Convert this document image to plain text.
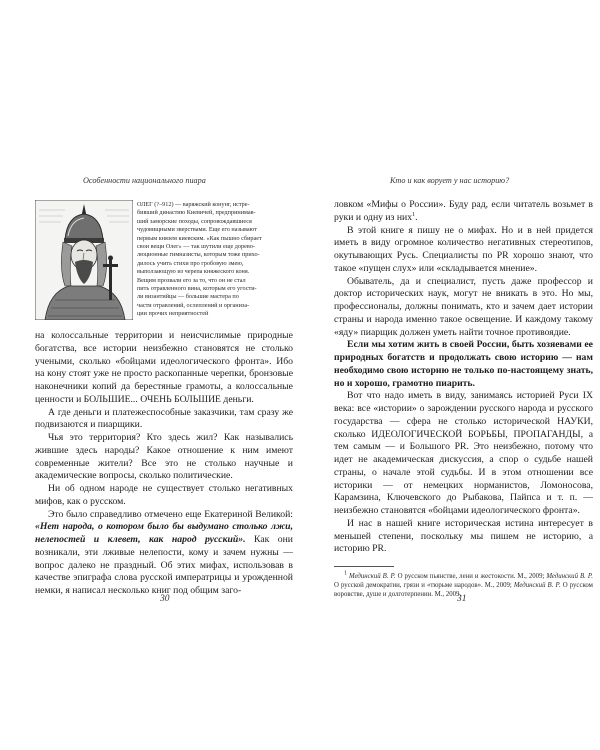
Особенности национального пиара	Кто и как ворует у нас историю?
ОЛЕГ (?–912) — варяжский конунг, истре-
бивший династию Киевичей, предпринимав-
ший заморские походы, сопровождавшиеся
чудовищными зверствами. Еще его называют
первым князем киевским. «Как пышно сбирает
свои вещи Олег» — так шутили еще дорево-
люционные гимназисты, которым тоже прихо-
дилось учить стихи про гробовую змею,
выползающую из черепа княжеского коня.
Вещим прозвали его за то, что он не стал
пить отравленного вина, которым его угости-
ли византийцы — большие мастера по
части отравлений, ослеплений и организа-
ции прочих неприятностей

на колоссальные территории и неисчислимые природные богатства, все истории неизбежно становятся не столько учеными, сколько «бойцами идеологического фронта». Ибо на кону стоят уже не просто раскопанные черепки, бронзовые наконечники копий да берестяные грамоты, а колоссальные ценности и БОЛЬШИЕ... ОЧЕНЬ БОЛЬШИЕ деньги.

А где деньги и платежеспособные заказчики, там сразу же подвизаются и пиарщики.

Чья это территория? Кто здесь жил? Как назывались жившие здесь народы? Какое отношение к ним имеют современные жители? Все это не столько научные и академические вопросы, сколько политические.

Ни об одном народе не существует столько негативных мифов, как о русском.

Это было справедливо отмечено еще Екатериной Великой: «Нет народа, о котором было бы выдумано столько лжи, нелепостей и клевет, как народ русский». Как они возникали, эти лживые нелепости, кому и зачем нужны — вопрос далеко не праздный. Об этих мифах, использовав в качестве эпиграфа слова русской императрицы и урожденной немки, я написал несколько книг под общим заго-

ловком «Мифы о России». Буду рад, если читатель возьмет в руки и одну из них$^1$.

В этой книге я пишу не о мифах. Но и в ней придется иметь в виду огромное количество негативных стереотипов, окутывающих Русь. Специалисты по PR хорошо знают, что такое «пущен слух» или «складывается мнение».

Обыватель, да и специалист, пусть даже профессор и доктор исторических наук, могут не вникать в это. Но мы, профессионалы, должны понимать, кто и зачем дает истории страны и народа именно такое освещение. И каждому такому «яду» пиарщик должен уметь найти точное противоядие.

Если мы хотим жить в своей России, быть хозяевами ее природных богатств и продолжать свою историю — нам необходимо свою историю не только по-настоящему знать, но и хорошо, грамотно пиарить.

Вот что надо иметь в виду, занимаясь историей Руси IX века: все «истории» о зарождении русского народа и русского государства — сфера не столько исторической НАУКИ, сколько ИДЕОЛОГИЧЕСКОЙ БОРЬБЫ, ПРОПАГАНДЫ, а тем самым — и Большого PR. Это неизбежно, потому что идет не академическая дискуссия, а спор о судьбе нашей страны, о начале этой судьбы. И в этом отношении все историки — от немецких норманистов, Ломоносова, Карамзина, Ключевского до Рыбакова, Пайпса и т. п. — неизбежно становятся «бойцами идеологического фронта».

И нас в нашей книге историческая истина интересует в меньшей степени, поскольку мы пишем не историю, а историю PR.

$^1$ Мединский В. Р. О русском пьянстве, лени и жестокости. М., 2009; Мединский В. Р. О русской демократии, грязи и «тюрьме народов». М., 2009; Мединский В. Р. О русском воровстве, душе и долготерпении. М., 2009.

30	31
